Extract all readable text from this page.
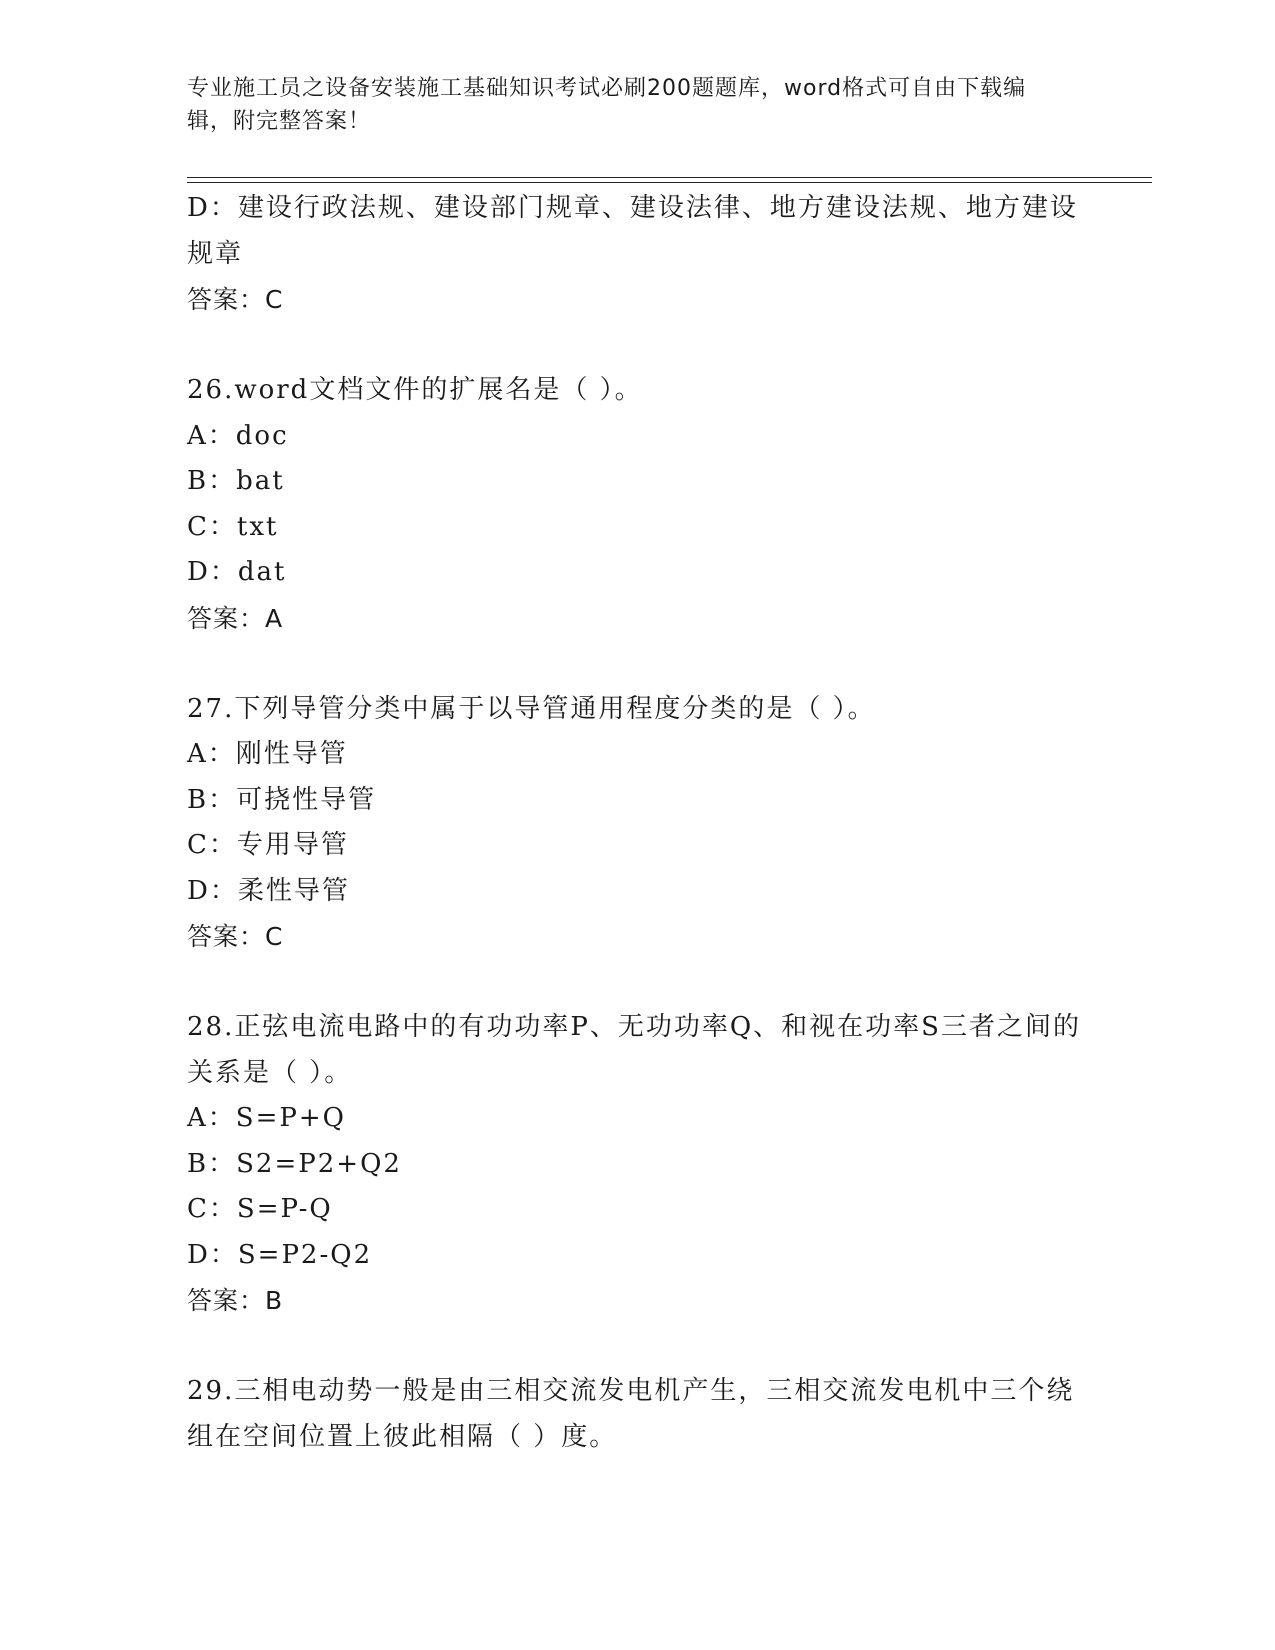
专业施工员之设备安装施工基础知识考试必刷200题题库，word格式可自由下载编辑，附完整答案！
D：建设行政法规、建设部门规章、建设法律、地方建设法规、地方建设规章
答案：C
26.word文档文件的扩展名是（ ）。
A：doc
B：bat
C：txt
D：dat
答案：A
27.下列导管分类中属于以导管通用程度分类的是（ ）。
A：刚性导管
B：可挠性导管
C：专用导管
D：柔性导管
答案：C
28.正弦电流电路中的有功功率P、无功功率Q、和视在功率S三者之间的关系是（ ）。
A：S=P+Q
B：S2=P2+Q2
C：S=P-Q
D：S=P2-Q2
答案：B
29.三相电动势一般是由三相交流发电机产生，三相交流发电机中三个绕组在空间位置上彼此相隔（ ）度。
